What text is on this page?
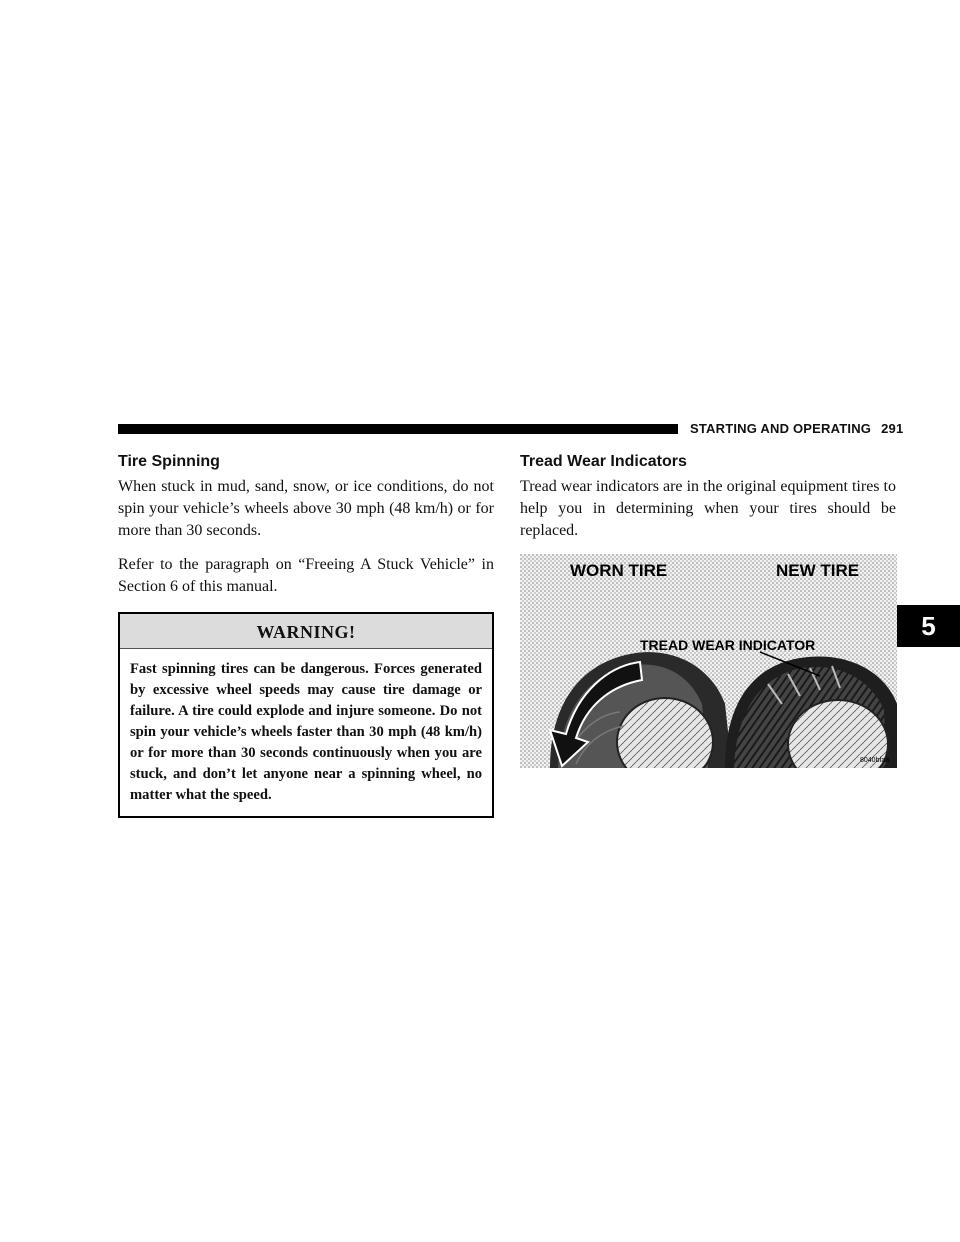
STARTING AND OPERATING 291
5
Tire Spinning

When stuck in mud, sand, snow, or ice conditions, do not spin your vehicle’s wheels above 30 mph (48 km/h) or for more than 30 seconds.

Refer to the paragraph on “Freeing A Stuck Vehicle” in Section 6 of this manual.

WARNING!
Fast spinning tires can be dangerous. Forces generated by excessive wheel speeds may cause tire damage or failure. A tire could explode and injure someone. Do not spin your vehicle’s wheels faster than 30 mph (48 km/h) or for more than 30 seconds continuously when you are stuck, and don’t let anyone near a spinning wheel, no matter what the speed.
Tread Wear Indicators

Tread wear indicators are in the original equipment tires to help you in determining when your tires should be replaced.

WORN TIRE	NEW TIRE
TREAD WEAR INDICATOR
8040bfaa
